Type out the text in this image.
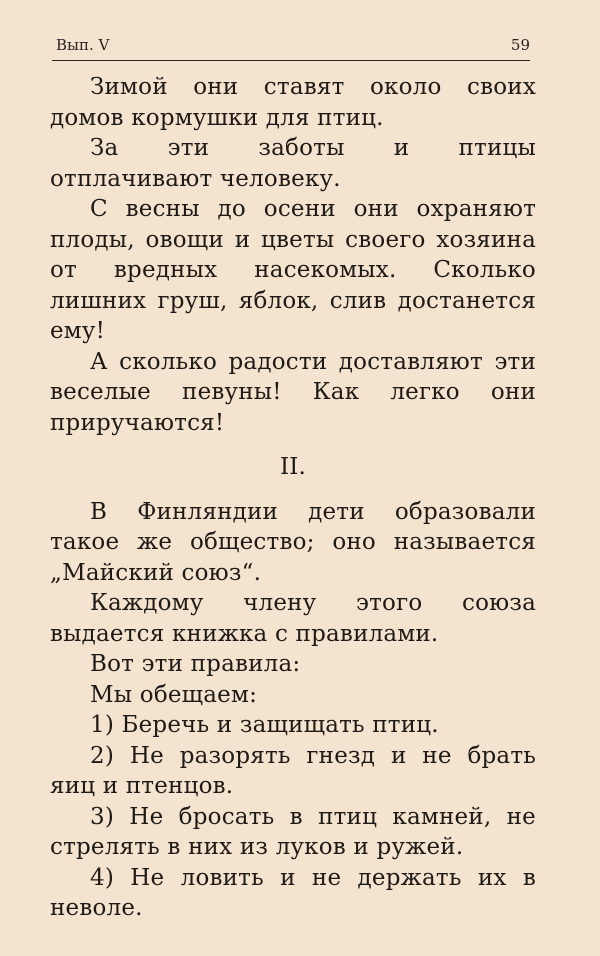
Вып. V	59

Зимой они ставят около своих домов кормушки для птиц.

За эти заботы и птицы отплачивают человеку.

С весны до осени они охраняют плоды, овощи и цветы своего хозяина от вредных насекомых. Сколько лишних груш, яблок, слив достанется ему!

А сколько радости доставляют эти веселые певуны! Как легко они приручаются!

II.

В Финляндии дети образовали такое же общество; оно называется „Майский союз“.

Каждому члену этого союза выдается книжка с правилами.

Вот эти правила:

Мы обещаем:

1) Беречь и защищать птиц.

2) Не разорять гнезд и не брать яиц и птенцов.

3) Не бросать в птиц камней, не стрелять в них из луков и ружей.

4) Не ловить и не держать их в неволе.
